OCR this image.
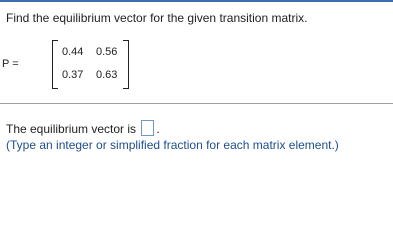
Find the equilibrium vector for the given transition matrix.
P =
0.44 0.56
0.37 0.63
The equilibrium vector is .
(Type an integer or simplified fraction for each matrix element.)
